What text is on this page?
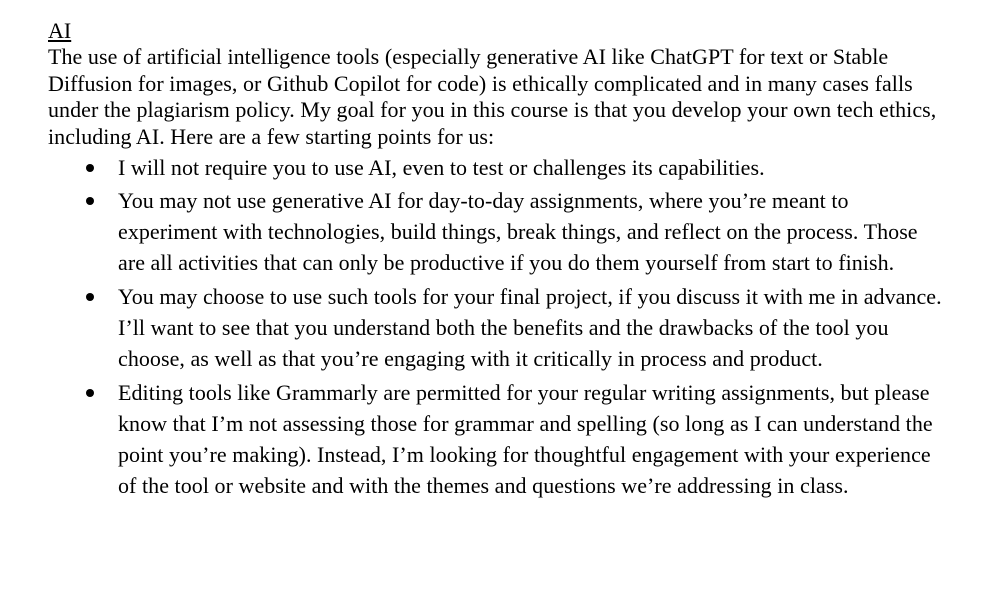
AI

The use of artificial intelligence tools (especially generative AI like ChatGPT for text or Stable Diffusion for images, or Github Copilot for code) is ethically complicated and in many cases falls under the plagiarism policy. My goal for you in this course is that you develop your own tech ethics, including AI. Here are a few starting points for us:

I will not require you to use AI, even to test or challenges its capabilities.
You may not use generative AI for day-to-day assignments, where you’re meant to experiment with technologies, build things, break things, and reflect on the process. Those are all activities that can only be productive if you do them yourself from start to finish.
You may choose to use such tools for your final project, if you discuss it with me in advance. I’ll want to see that you understand both the benefits and the drawbacks of the tool you choose, as well as that you’re engaging with it critically in process and product.
Editing tools like Grammarly are permitted for your regular writing assignments, but please know that I’m not assessing those for grammar and spelling (so long as I can understand the point you’re making). Instead, I’m looking for thoughtful engagement with your experience of the tool or website and with the themes and questions we’re addressing in class.
